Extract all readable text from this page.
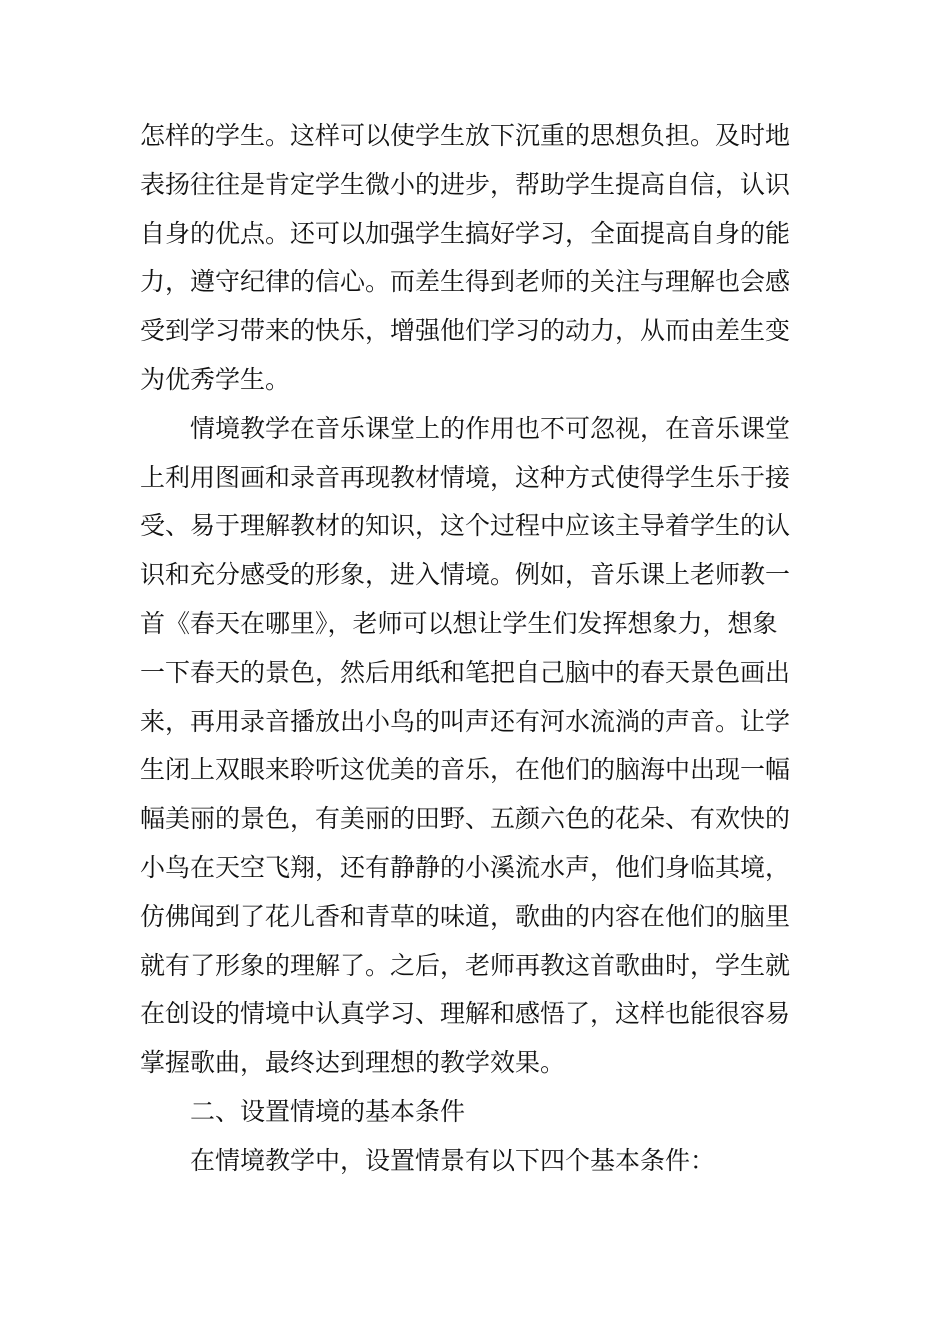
怎样的学生。这样可以使学生放下沉重的思想负担。及时地
表扬往往是肯定学生微小的进步，帮助学生提高自信，认识
自身的优点。还可以加强学生搞好学习，全面提高自身的能
力，遵守纪律的信心。而差生得到老师的关注与理解也会感
受到学习带来的快乐，增强他们学习的动力，从而由差生变
为优秀学生。
情境教学在音乐课堂上的作用也不可忽视，在音乐课堂
上利用图画和录音再现教材情境，这种方式使得学生乐于接
受、易于理解教材的知识，这个过程中应该主导着学生的认
识和充分感受的形象，进入情境。例如，音乐课上老师教一
首《春天在哪里》，老师可以想让学生们发挥想象力，想象
一下春天的景色，然后用纸和笔把自己脑中的春天景色画出
来，再用录音播放出小鸟的叫声还有河水流淌的声音。让学
生闭上双眼来聆听这优美的音乐，在他们的脑海中出现一幅
幅美丽的景色，有美丽的田野、五颜六色的花朵、有欢快的
小鸟在天空飞翔，还有静静的小溪流水声，他们身临其境，
仿佛闻到了花儿香和青草的味道，歌曲的内容在他们的脑里
就有了形象的理解了。之后，老师再教这首歌曲时，学生就
在创设的情境中认真学习、理解和感悟了，这样也能很容易
掌握歌曲，最终达到理想的教学效果。
二、设置情境的基本条件
在情境教学中，设置情景有以下四个基本条件：
